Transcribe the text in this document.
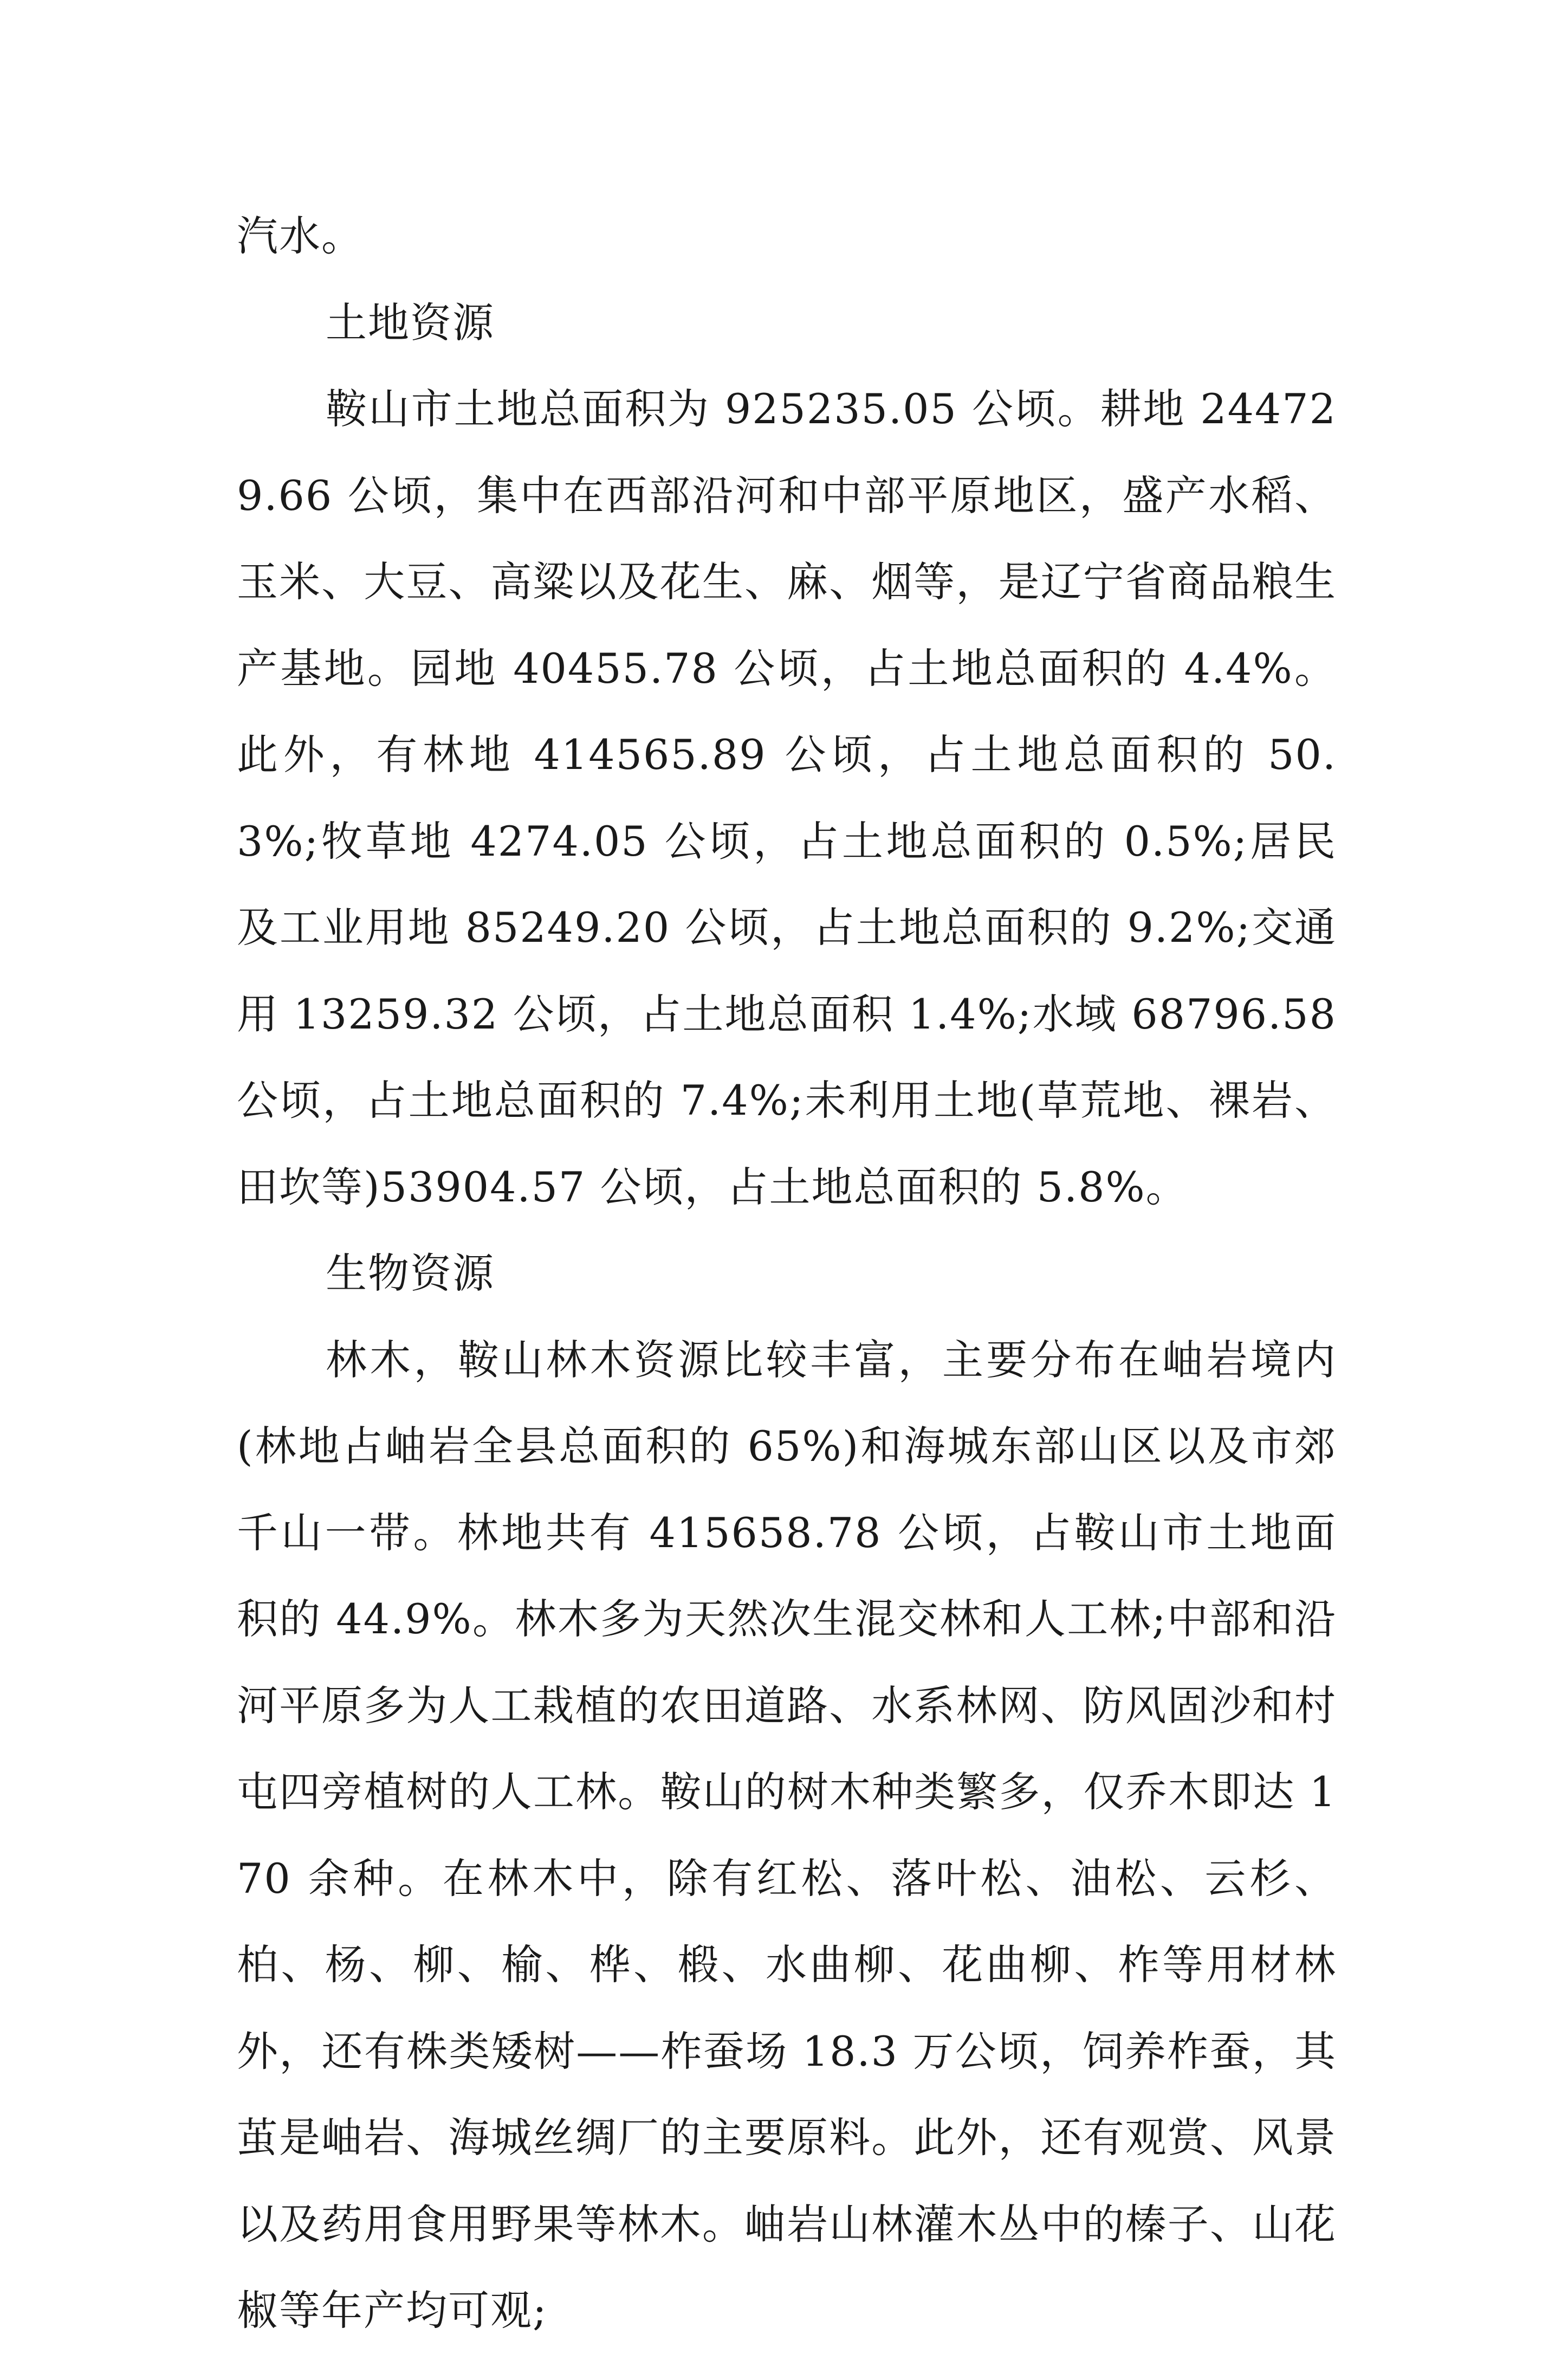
汽水。

土地资源

鞍山市土地总面积为 925235.05 公顷。耕地 244729.66 公顷，集中在西部沿河和中部平原地区，盛产水稻、玉米、大豆、高粱以及花生、麻、烟等，是辽宁省商品粮生产基地。园地 40455.78 公顷，占土地总面积的 4.4%。此外，有林地 414565.89 公顷，占土地总面积的 50.3%;牧草地 4274.05 公顷，占土地总面积的 0.5%;居民及工业用地 85249.20 公顷，占土地总面积的 9.2%;交通用 13259.32 公顷，占土地总面积 1.4%;水域 68796.58 公顷，占土地总面积的 7.4%;未利用土地(草荒地、裸岩、田坎等)53904.57 公顷，占土地总面积的 5.8%。

生物资源

林木，鞍山林木资源比较丰富，主要分布在岫岩境内(林地占岫岩全县总面积的 65%)和海城东部山区以及市郊千山一带。林地共有 415658.78 公顷，占鞍山市土地面积的 44.9%。林木多为天然次生混交林和人工林;中部和沿河平原多为人工栽植的农田道路、水系林网、防风固沙和村屯四旁植树的人工林。鞍山的树木种类繁多，仅乔木即达 170 余种。在林木中，除有红松、落叶松、油松、云杉、柏、杨、柳、榆、桦、椴、水曲柳、花曲柳、柞等用材林外，还有株类矮树——柞蚕场 18.3 万公顷，饲养柞蚕，其茧是岫岩、海城丝绸厂的主要原料。此外，还有观赏、风景以及药用食用野果等林木。岫岩山林灌木丛中的榛子、山花椒等年产均可观;
